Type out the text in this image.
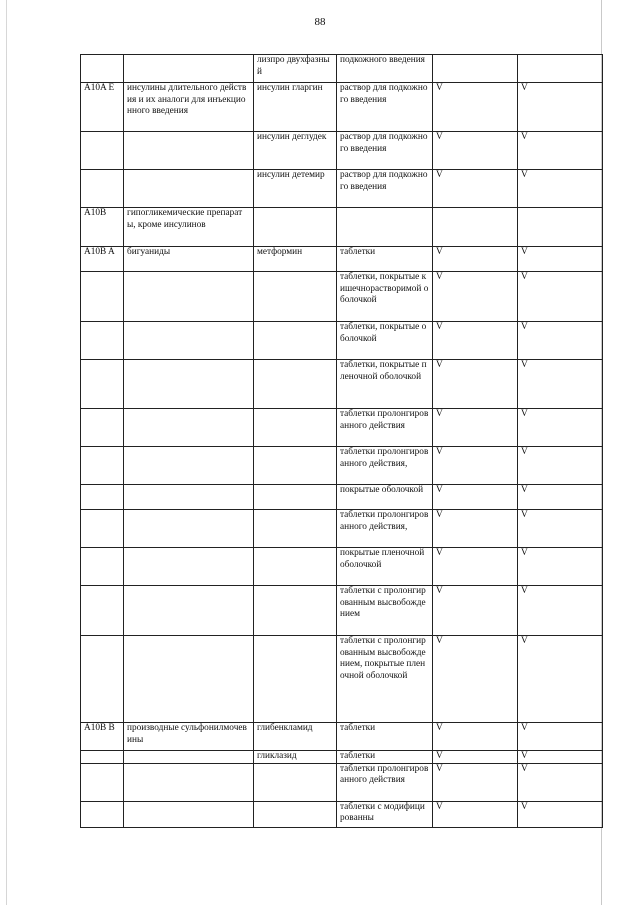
88
		лизпро двухфазный	подкожного введения		
A10A E	инсулины длительного действия и их аналоги для инъекционного введения	инсулин гларгин	раствор для подкожного введения	V	V
		инсулин деглудек	раствор для подкожного введения	V	V
		инсулин детемир	раствор для подкожного введения	V	V
A10B	гипогликемические препараты, кроме инсулинов				
A10B A	бигуаниды	метформин	таблетки	V	V
			таблетки, покрытые кишечнорастворимой оболочкой	V	V
			таблетки, покрытые оболочкой	V	V
			таблетки, покрытые пленочной оболочкой	V	V
			таблетки пролонгированного действия	V	V
			таблетки пролонгированного действия,	V	V
			покрытые оболочкой	V	V
			таблетки пролонгированного действия,	V	V
			покрытые пленочной оболочкой	V	V
			таблетки с пролонгированным высвобождением	V	V
			таблетки с пролонгированным высвобождением, покрытые пленочной оболочкой	V	V
A10B B	производные сульфонилмочевины	глибенкламид	таблетки	V	V
		гликлазид	таблетки	V	V
			таблетки пролонгированного действия	V	V
			таблетки с модифицированны	V	V
